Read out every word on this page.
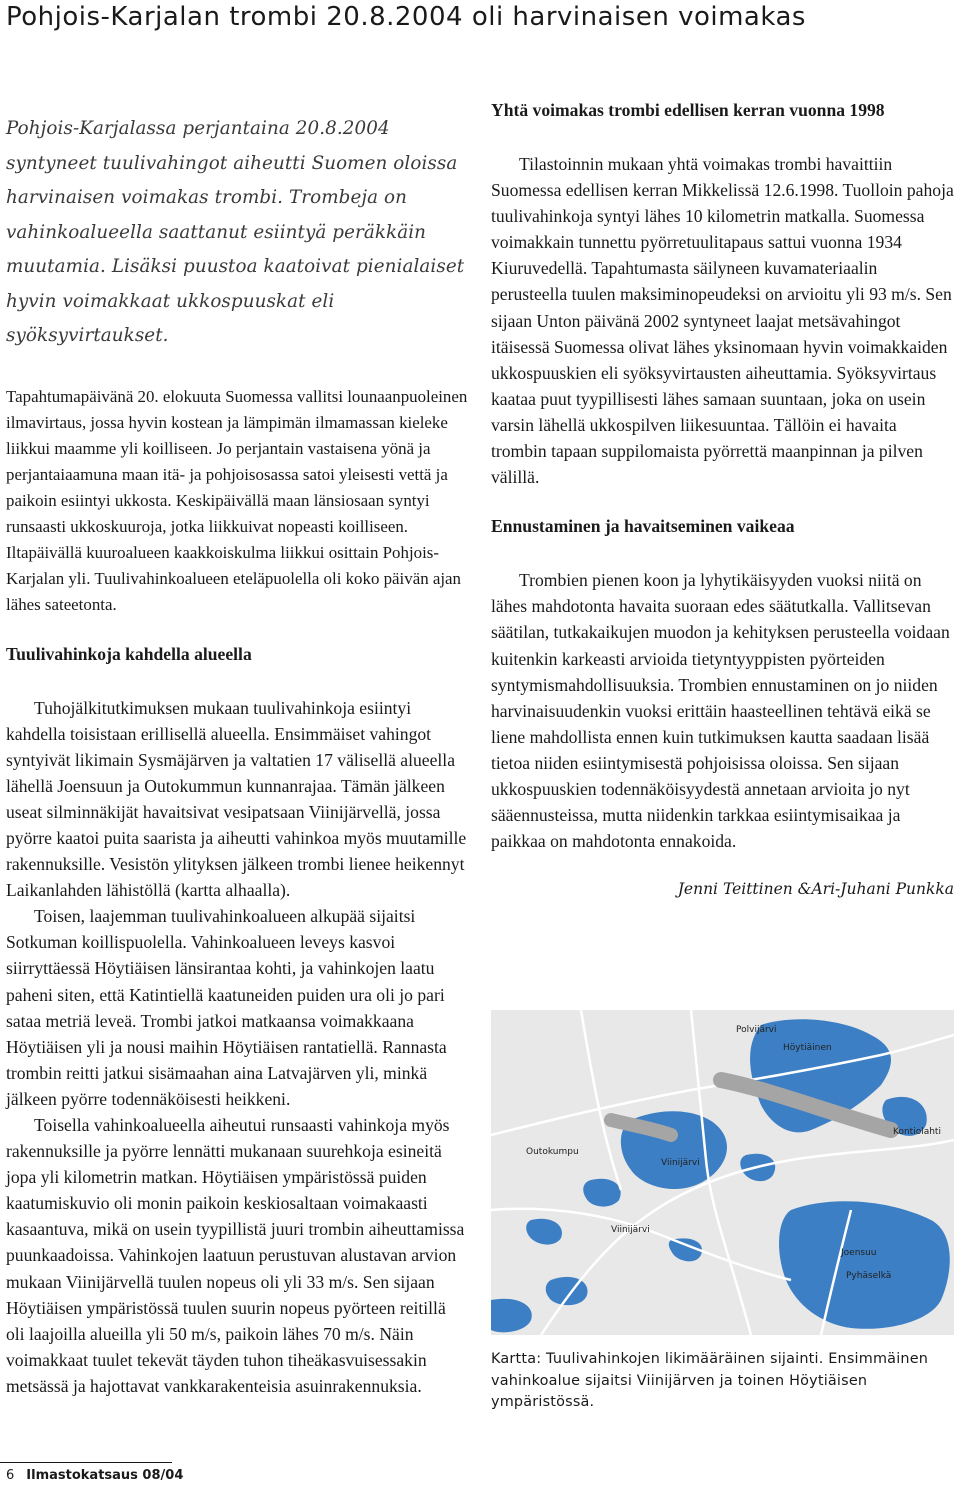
Pohjois-Karjalan trombi 20.8.2004 oli harvinaisen voimakas

Pohjois-Karjalassa perjantaina 20.8.2004 syntyneet tuulivahingot aiheutti Suomen oloissa harvinaisen voimakas trombi. Trombeja on vahinkoalueella saattanut esiintyä peräkkäin muutamia. Lisäksi puustoa kaatoivat pienialaiset hyvin voimakkaat ukkospuuskat eli syöksyvirtaukset.

Tapahtumapäivänä 20. elokuuta Suomessa vallitsi lounaanpuoleinen ilmavirtaus, jossa hyvin kostean ja lämpimän ilmamassan kieleke liikkui maamme yli koilliseen. Jo perjantain vastaisena yönä ja perjantaiaamuna maan itä- ja pohjoisosassa satoi yleisesti vettä ja paikoin esiintyi ukkosta. Keskipäivällä maan länsiosaan syntyi runsaasti ukkoskuuroja, jotka liikkuivat nopeasti koilliseen. Iltapäivällä kuuroalueen kaakkoiskulma liikkui osittain Pohjois-Karjalan yli. Tuulivahinkoalueen eteläpuolella oli koko päivän ajan lähes sateetonta.

Tuulivahinkoja kahdella alueella

Tuhojälkitutkimuksen mukaan tuulivahinkoja esiintyi kahdella toisistaan erillisellä alueella. Ensimmäiset vahingot syntyivät likimain Sysmäjärven ja valtatien 17 välisellä alueella lähellä Joensuun ja Outokummun kunnanrajaa. Tämän jälkeen useat silminnäkijät havaitsivat vesipatsaan Viinijärvellä, jossa pyörre kaatoi puita saarista ja aiheutti vahinkoa myös muutamille rakennuksille. Vesistön ylityksen jälkeen trombi lienee heikennyt Laikanlahden lähistöllä (kartta alhaalla).

Toisen, laajemman tuulivahinkoalueen alkupää sijaitsi Sotkuman koillispuolella. Vahinkoalueen leveys kasvoi siirryttäessä Höytiäisen länsirantaa kohti, ja vahinkojen laatu paheni siten, että Katintiellä kaatuneiden puiden ura oli jo pari sataa metriä leveä. Trombi jatkoi matkaansa voimakkaana Höytiäisen yli ja nousi maihin Höytiäisen rantatiellä. Rannasta trombin reitti jatkui sisämaahan aina Latvajärven yli, minkä jälkeen pyörre todennäköisesti heikkeni.

Toisella vahinkoalueella aiheutui runsaasti vahinkoja myös rakennuksille ja pyörre lennätti mukanaan suurehkoja esineitä jopa yli kilometrin matkan. Höytiäisen ympäristössä puiden kaatumiskuvio oli monin paikoin keskiosaltaan voimakaasti kasaantuva, mikä on usein tyypillistä juuri trombin aiheuttamissa puunkaadoissa. Vahinkojen laatuun perustuvan alustavan arvion mukaan Viinijärvellä tuulen nopeus oli yli 33 m/s. Sen sijaan Höytiäisen ympäristössä tuulen suurin nopeus pyörteen reitillä oli laajoilla alueilla yli 50 m/s, paikoin lähes 70 m/s. Näin voimakkaat tuulet tekevät täyden tuhon tiheäkasvuisessakin metsässä ja hajottavat vankkarakenteisia asuinrakennuksia.

Yhtä voimakas trombi edellisen kerran vuonna 1998

Tilastoinnin mukaan yhtä voimakas trombi havaittiin Suomessa edellisen kerran Mikkelissä 12.6.1998. Tuolloin pahoja tuulivahinkoja syntyi lähes 10 kilometrin matkalla. Suomessa voimakkain tunnettu pyörretuulitapaus sattui vuonna 1934 Kiuruvedellä. Tapahtumasta säilyneen kuvamateriaalin perusteella tuulen maksiminopeudeksi on arvioitu yli 93 m/s. Sen sijaan Unton päivänä 2002 syntyneet laajat metsävahingot itäisessä Suomessa olivat lähes yksinomaan hyvin voimakkaiden ukkospuuskien eli syöksyvirtausten aiheuttamia. Syöksyvirtaus kaataa puut tyypillisesti lähes samaan suuntaan, joka on usein varsin lähellä ukkospilven liikesuuntaa. Tällöin ei havaita trombin tapaan suppilomaista pyörrettä maanpinnan ja pilven välillä.

Ennustaminen ja havaitseminen vaikeaa

Trombien pienen koon ja lyhytikäisyyden vuoksi niitä on lähes mahdotonta havaita suoraan edes säätutkalla. Vallitsevan säätilan, tutkakaikujen muodon ja kehityksen perusteella voidaan kuitenkin karkeasti arvioida tietyntyyppisten pyörteiden syntymismahdollisuuksia. Trombien ennustaminen on jo niiden harvinaisuudenkin vuoksi erittäin haasteellinen tehtävä eikä se liene mahdollista ennen kuin tutkimuksen kautta saadaan lisää tietoa niiden esiintymisestä pohjoisissa oloissa. Sen sijaan ukkospuuskien todennäköisyydestä annetaan arvioita jo nyt sääennusteissa, mutta niidenkin tarkkaa esiintymisaikaa ja paikkaa on mahdotonta ennakoida.

Jenni Teittinen &Ari-Juhani Punkka

Polvijärvi
Höytiäinen
Kontiolahti
Outokumpu
Viinijärvi
Viinijärvi
Joensuu
Pyhäselkä

Kartta: Tuulivahinkojen likimääräinen sijainti. Ensimmäinen vahinkoalue sijaitsi Viinijärven ja toinen Höytiäisen ympäristössä.

6 Ilmastokatsaus 08/04
